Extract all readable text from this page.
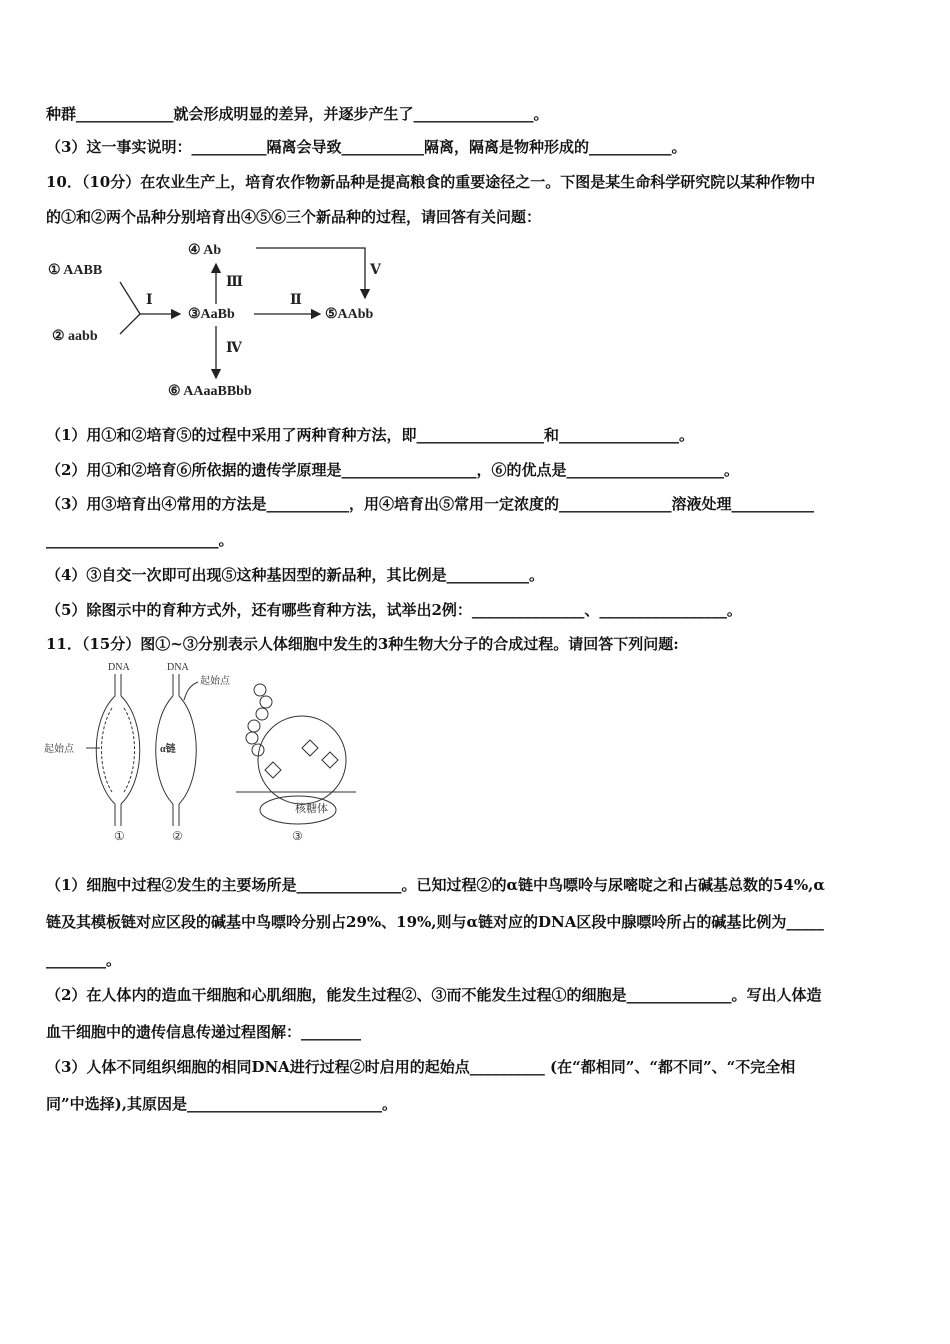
种群_____________就会形成明显的差异，并逐步产生了________________。
（3）这一事实说明：__________隔离会导致___________隔离，隔离是物种形成的___________。
10．（10分）在农业生产上，培育农作物新品种是提高粮食的重要途径之一。下图是某生命科学研究院以某种作物中
的①和②两个品种分别培育出④⑤⑥三个新品种的过程，请回答有关问题：
① AABB
② aabb
③AaBb
④ Ab
⑤AAbb
⑥ AAaaBBbb
Ⅰ	Ⅱ
Ⅲ
Ⅳ
Ⅴ
（1）用①和②培育⑤的过程中采用了两种育种方法，即_________________和________________。
（2）用①和②培育⑥所依据的遗传学原理是__________________，⑥的优点是_____________________。
（3）用③培育出④常用的方法是___________，用④培育出⑤常用一定浓度的_______________溶液处理___________
_______________________。
（4）③自交一次即可出现⑤这种基因型的新品种，其比例是___________。
（5）除图示中的育种方式外，还有哪些育种方法，试举出2例：_______________、_________________。
11．（15分）图①~③分别表示人体细胞中发生的3种生物大分子的合成过程。请回答下列问题:
DNA	DNA
起始点
起始点
α链
核糖体
①	②	③
（1）细胞中过程②发生的主要场所是______________。已知过程②的α链中鸟嘌呤与尿嘧啶之和占碱基总数的54%,α
链及其模板链对应区段的碱基中鸟嘌呤分别占29%、19%,则与α链对应的DNA区段中腺嘌呤所占的碱基比例为_____
________。
（2）在人体内的造血干细胞和心肌细胞，能发生过程②、③而不能发生过程①的细胞是______________。写出人体造
血干细胞中的遗传信息传递过程图解：________
（3）人体不同组织细胞的相同DNA进行过程②时启用的起始点__________ (在“都相同”、“都不同”、“不完全相
同”中选择),其原因是__________________________。
